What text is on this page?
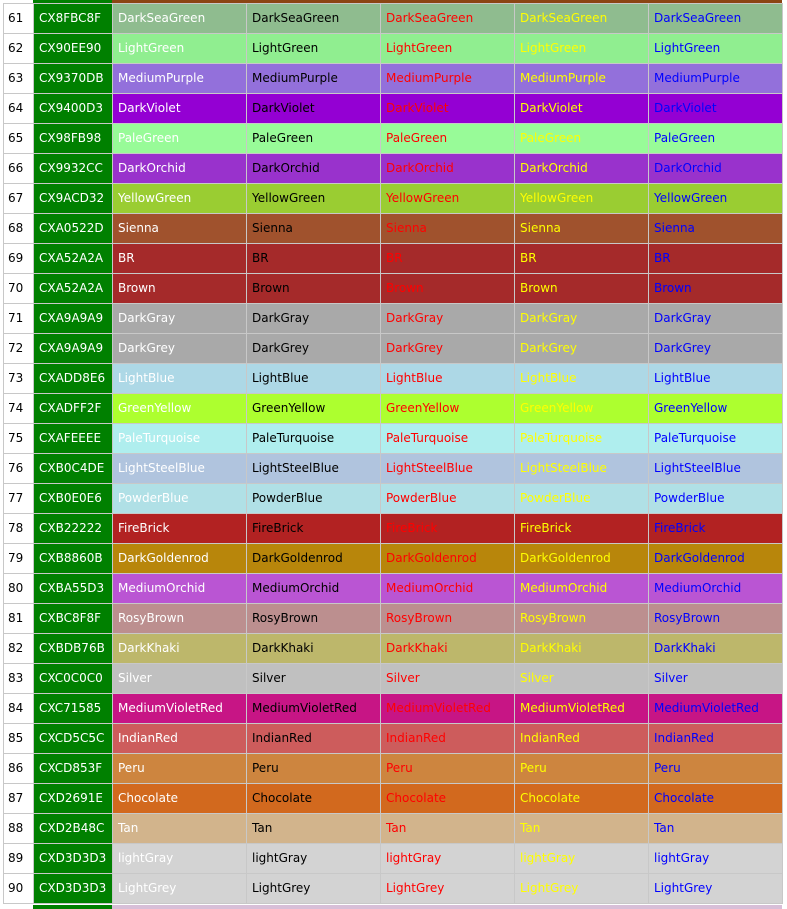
61	CX8FBC8F	DarkSeaGreen	DarkSeaGreen	DarkSeaGreen	DarkSeaGreen	DarkSeaGreen
62	CX90EE90	LightGreen	LightGreen	LightGreen	LightGreen	LightGreen
63	CX9370DB	MediumPurple	MediumPurple	MediumPurple	MediumPurple	MediumPurple
64	CX9400D3	DarkViolet	DarkViolet	DarkViolet	DarkViolet	DarkViolet
65	CX98FB98	PaleGreen	PaleGreen	PaleGreen	PaleGreen	PaleGreen
66	CX9932CC	DarkOrchid	DarkOrchid	DarkOrchid	DarkOrchid	DarkOrchid
67	CX9ACD32	YellowGreen	YellowGreen	YellowGreen	YellowGreen	YellowGreen
68	CXA0522D	Sienna	Sienna	Sienna	Sienna	Sienna
69	CXA52A2A	BR	BR	BR	BR	BR
70	CXA52A2A	Brown	Brown	Brown	Brown	Brown
71	CXA9A9A9	DarkGray	DarkGray	DarkGray	DarkGray	DarkGray
72	CXA9A9A9	DarkGrey	DarkGrey	DarkGrey	DarkGrey	DarkGrey
73	CXADD8E6	LightBlue	LightBlue	LightBlue	LightBlue	LightBlue
74	CXADFF2F	GreenYellow	GreenYellow	GreenYellow	GreenYellow	GreenYellow
75	CXAFEEEE	PaleTurquoise	PaleTurquoise	PaleTurquoise	PaleTurquoise	PaleTurquoise
76	CXB0C4DE	LightSteelBlue	LightSteelBlue	LightSteelBlue	LightSteelBlue	LightSteelBlue
77	CXB0E0E6	PowderBlue	PowderBlue	PowderBlue	PowderBlue	PowderBlue
78	CXB22222	FireBrick	FireBrick	FireBrick	FireBrick	FireBrick
79	CXB8860B	DarkGoldenrod	DarkGoldenrod	DarkGoldenrod	DarkGoldenrod	DarkGoldenrod
80	CXBA55D3	MediumOrchid	MediumOrchid	MediumOrchid	MediumOrchid	MediumOrchid
81	CXBC8F8F	RosyBrown	RosyBrown	RosyBrown	RosyBrown	RosyBrown
82	CXBDB76B	DarkKhaki	DarkKhaki	DarkKhaki	DarkKhaki	DarkKhaki
83	CXC0C0C0	Silver	Silver	Silver	Silver	Silver
84	CXC71585	MediumVioletRed	MediumVioletRed	MediumVioletRed	MediumVioletRed	MediumVioletRed
85	CXCD5C5C	IndianRed	IndianRed	IndianRed	IndianRed	IndianRed
86	CXCD853F	Peru	Peru	Peru	Peru	Peru
87	CXD2691E	Chocolate	Chocolate	Chocolate	Chocolate	Chocolate
88	CXD2B48C	Tan	Tan	Tan	Tan	Tan
89	CXD3D3D3	lightGray	lightGray	lightGray	lightGray	lightGray
90	CXD3D3D3	LightGrey	LightGrey	LightGrey	LightGrey	LightGrey
